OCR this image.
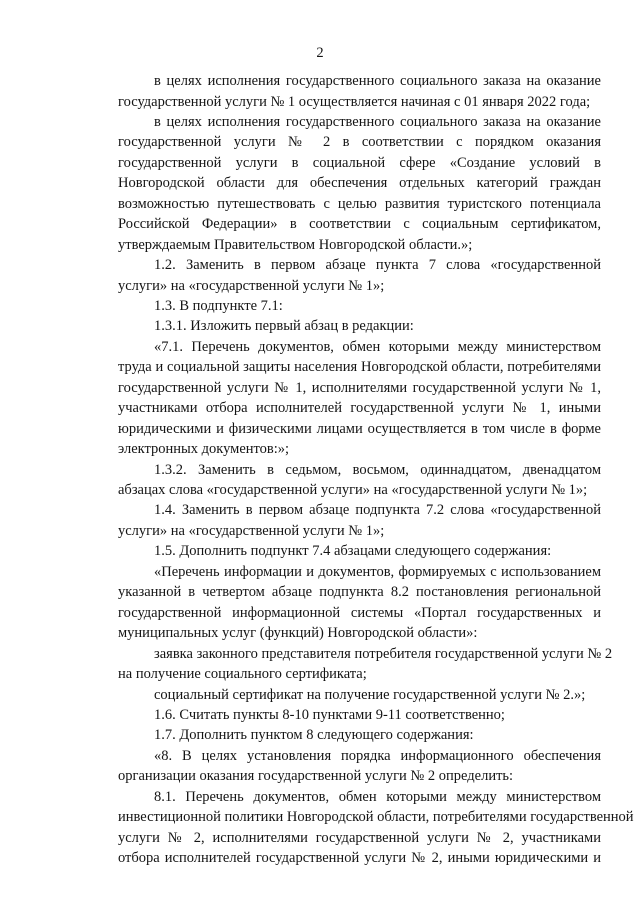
2
в целях исполнения государственного социального заказа на оказание
государственной услуги № 1 осуществляется начиная с 01 января 2022 года;
в целях исполнения государственного социального заказа на оказание
государственной услуги № 2 в соответствии с порядком оказания
государственной услуги в социальной сфере «Создание условий в
Новгородской области для обеспечения отдельных категорий граждан
возможностью путешествовать с целью развития туристского потенциала
Российской Федерации» в соответствии с социальным сертификатом,
утверждаемым Правительством Новгородской области.»;
1.2. Заменить в первом абзаце пункта 7 слова «государственной
услуги» на «государственной услуги № 1»;
1.3. В подпункте 7.1:
1.3.1. Изложить первый абзац в редакции:
«7.1. Перечень документов, обмен которыми между министерством
труда и социальной защиты населения Новгородской области, потребителями
государственной услуги № 1, исполнителями государственной услуги № 1,
участниками отбора исполнителей государственной услуги № 1, иными
юридическими и физическими лицами осуществляется в том числе в форме
электронных документов:»;
1.3.2. Заменить в седьмом, восьмом, одиннадцатом, двенадцатом
абзацах слова «государственной услуги» на «государственной услуги № 1»;
1.4. Заменить в первом абзаце подпункта 7.2 слова «государственной
услуги» на «государственной услуги № 1»;
1.5. Дополнить подпункт 7.4 абзацами следующего содержания:
«Перечень информации и документов, формируемых с использованием
указанной в четвертом абзаце подпункта 8.2 постановления региональной
государственной информационной системы «Портал государственных и
муниципальных услуг (функций) Новгородской области»:
заявка законного представителя потребителя государственной услуги № 2
на получение социального сертификата;
социальный сертификат на получение государственной услуги № 2.»;
1.6. Считать пункты 8-10 пунктами 9-11 соответственно;
1.7. Дополнить пунктом 8 следующего содержания:
«8. В целях установления порядка информационного обеспечения
организации оказания государственной услуги № 2 определить:
8.1. Перечень документов, обмен которыми между министерством
инвестиционной политики Новгородской области, потребителями государственной
услуги № 2, исполнителями государственной услуги № 2, участниками
отбора исполнителей государственной услуги № 2, иными юридическими и
